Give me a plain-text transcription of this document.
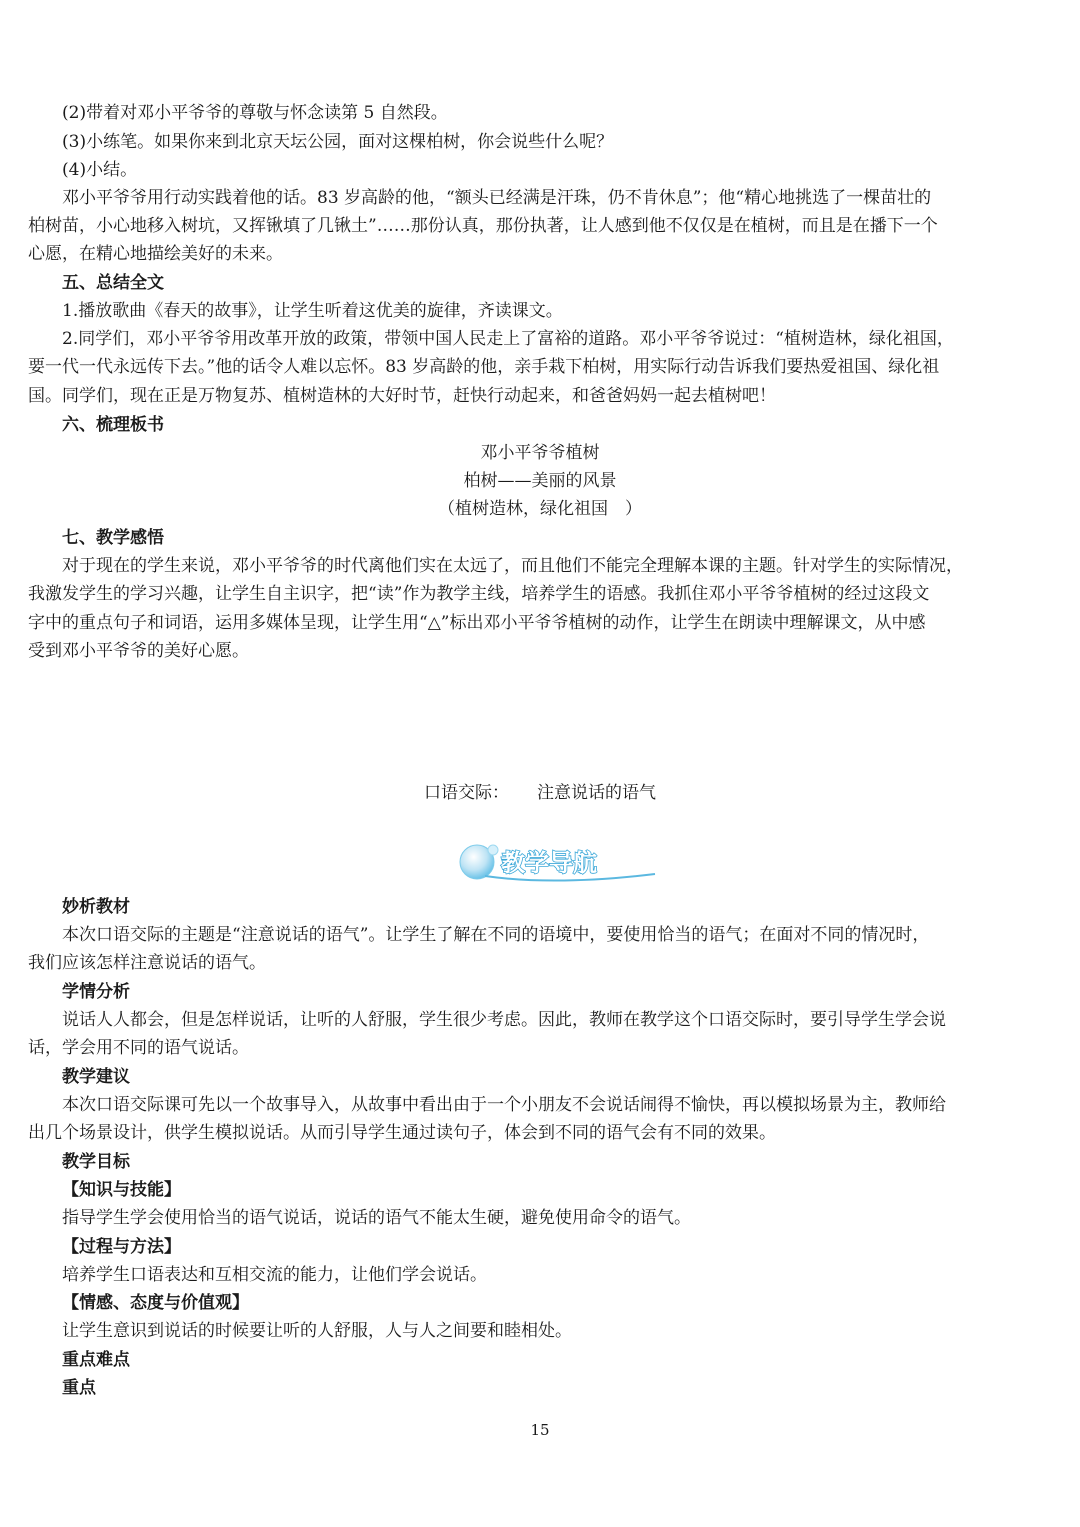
(2)带着对邓小平爷爷的尊敬与怀念读第 5 自然段。
(3)小练笔。如果你来到北京天坛公园，面对这棵柏树，你会说些什么呢？
(4)小结。
邓小平爷爷用行动实践着他的话。83 岁高龄的他，“额头已经满是汗珠，仍不肯休息”；他“精心地挑选了一棵苗壮的
柏树苗，小心地移入树坑，又挥锹填了几锹土”……那份认真，那份执著，让人感到他不仅仅是在植树，而且是在播下一个
心愿，在精心地描绘美好的未来。
五、总结全文
1.播放歌曲《春天的故事》，让学生听着这优美的旋律，齐读课文。
2.同学们，邓小平爷爷用改革开放的政策，带领中国人民走上了富裕的道路。邓小平爷爷说过：“植树造林，绿化祖国，
要一代一代永远传下去。”他的话令人难以忘怀。83 岁高龄的他，亲手栽下柏树，用实际行动告诉我们要热爱祖国、绿化祖
国。同学们，现在正是万物复苏、植树造林的大好时节，赶快行动起来，和爸爸妈妈一起去植树吧！
六、梳理板书
邓小平爷爷植树
柏树——美丽的风景
（植树造林，绿化祖国　）
七、教学感悟
对于现在的学生来说，邓小平爷爷的时代离他们实在太远了，而且他们不能完全理解本课的主题。针对学生的实际情况，
我激发学生的学习兴趣，让学生自主识字，把“读”作为教学主线，培养学生的语感。我抓住邓小平爷爷植树的经过这段文
字中的重点句子和词语，运用多媒体呈现，让学生用“△”标出邓小平爷爷植树的动作，让学生在朗读中理解课文，从中感
受到邓小平爷爷的美好心愿。
口语交际： 注意说话的语气
教学导航
妙析教材
本次口语交际的主题是“注意说话的语气”。让学生了解在不同的语境中，要使用恰当的语气；在面对不同的情况时，
我们应该怎样注意说话的语气。
学情分析
说话人人都会，但是怎样说话，让听的人舒服，学生很少考虑。因此，教师在教学这个口语交际时，要引导学生学会说
话，学会用不同的语气说话。
教学建议
本次口语交际课可先以一个故事导入，从故事中看出由于一个小朋友不会说话闹得不愉快，再以模拟场景为主，教师给
出几个场景设计，供学生模拟说话。从而引导学生通过读句子，体会到不同的语气会有不同的效果。
教学目标
【知识与技能】
指导学生学会使用恰当的语气说话，说话的语气不能太生硬，避免使用命令的语气。
【过程与方法】
培养学生口语表达和互相交流的能力，让他们学会说话。
【情感、态度与价值观】
让学生意识到说话的时候要让听的人舒服，人与人之间要和睦相处。
重点难点
重点
15
